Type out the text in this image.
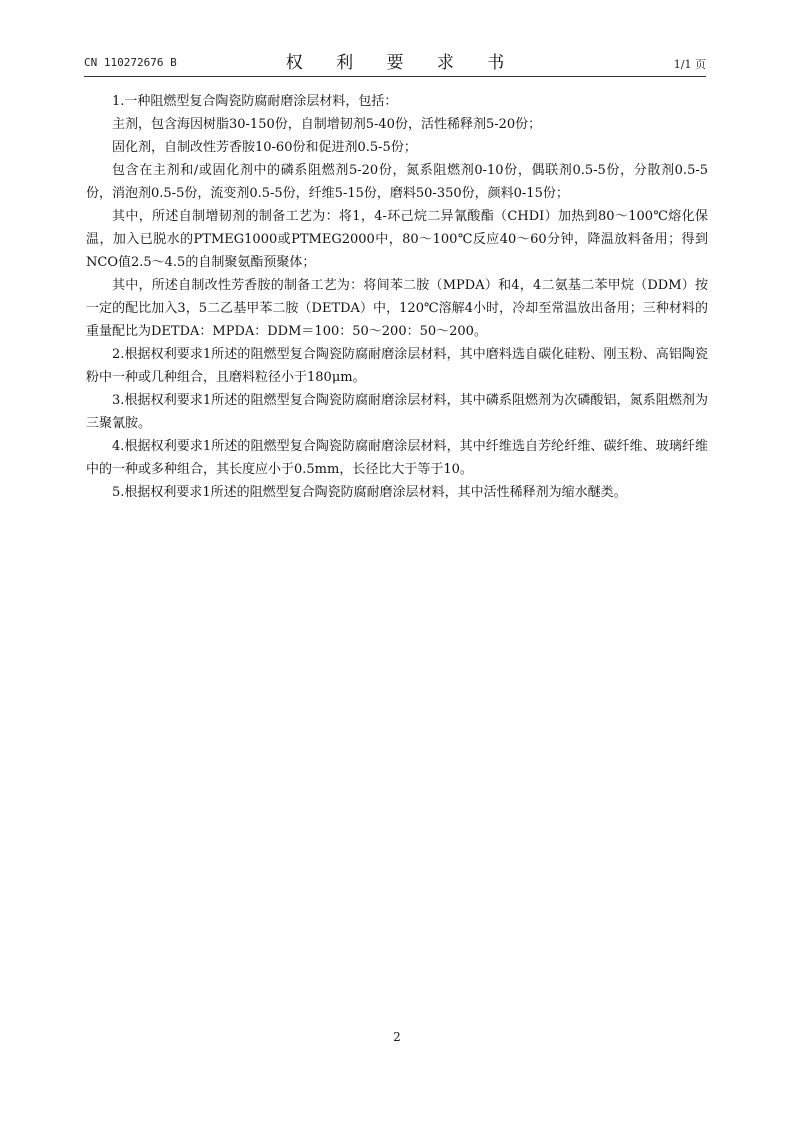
CN 110272676 B	权 利 要 求 书	1/1 页

1.一种阻燃型复合陶瓷防腐耐磨涂层材料，包括：

主剂，包含海因树脂30-150份，自制增韧剂5-40份，活性稀释剂5-20份；

固化剂，自制改性芳香胺10-60份和促进剂0.5-5份；

包含在主剂和/或固化剂中的磷系阻燃剂5-20份，氮系阻燃剂0-10份，偶联剂0.5-5份，分散剂0.5-5份，消泡剂0.5-5份，流变剂0.5-5份，纤维5-15份，磨料50-350份，颜料0-15份；

其中，所述自制增韧剂的制备工艺为：将1，4-环己烷二异氰酸酯（CHDI）加热到80～100℃熔化保温，加入已脱水的PTMEG1000或PTMEG2000中，80～100℃反应40～60分钟，降温放料备用；得到NCO值2.5～4.5的自制聚氨酯预聚体；

其中，所述自制改性芳香胺的制备工艺为：将间苯二胺（MPDA）和4，4二氨基二苯甲烷（DDM）按一定的配比加入3，5二乙基甲苯二胺（DETDA）中，120℃溶解4小时，冷却至常温放出备用；三种材料的重量配比为DETDA：MPDA：DDM＝100：50～200：50～200。

2.根据权利要求1所述的阻燃型复合陶瓷防腐耐磨涂层材料，其中磨料选自碳化硅粉、刚玉粉、高铝陶瓷粉中一种或几种组合，且磨料粒径小于180μm。

3.根据权利要求1所述的阻燃型复合陶瓷防腐耐磨涂层材料，其中磷系阻燃剂为次磷酸铝，氮系阻燃剂为三聚氰胺。

4.根据权利要求1所述的阻燃型复合陶瓷防腐耐磨涂层材料，其中纤维选自芳纶纤维、碳纤维、玻璃纤维中的一种或多种组合，其长度应小于0.5mm，长径比大于等于10。

5.根据权利要求1所述的阻燃型复合陶瓷防腐耐磨涂层材料，其中活性稀释剂为缩水醚类。

2
